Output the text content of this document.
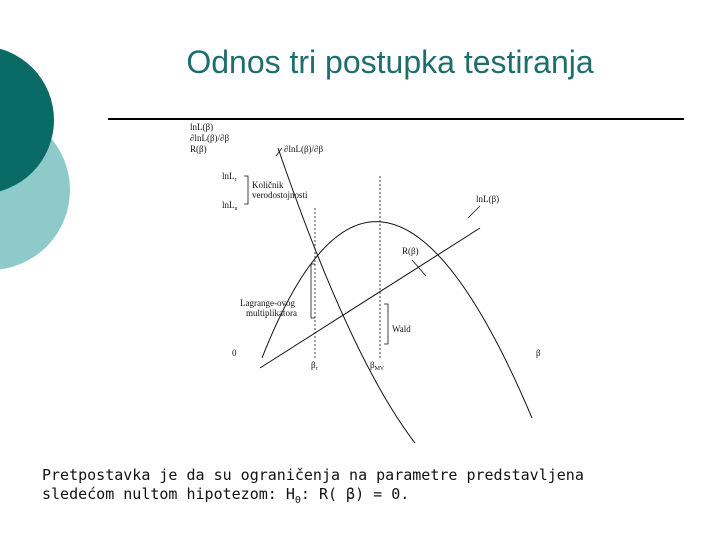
Odnos tri postupka testiranja
lnL(β)
∂lnL(β)/∂β
R(β)
lnL$_r$
lnL$_u$
Količnik
verodostojnosti
∂lnL(β)/∂β
lnL(β)
R(β)
Lagrange-ovog
multiplikatora
Wald
0	β
$\beta_r$	$\beta_{MV}$
Pretpostavka je da su ograničenja na parametre predstavljena
sledećom nultom hipotezom: $H_0$: R( β) = 0.
